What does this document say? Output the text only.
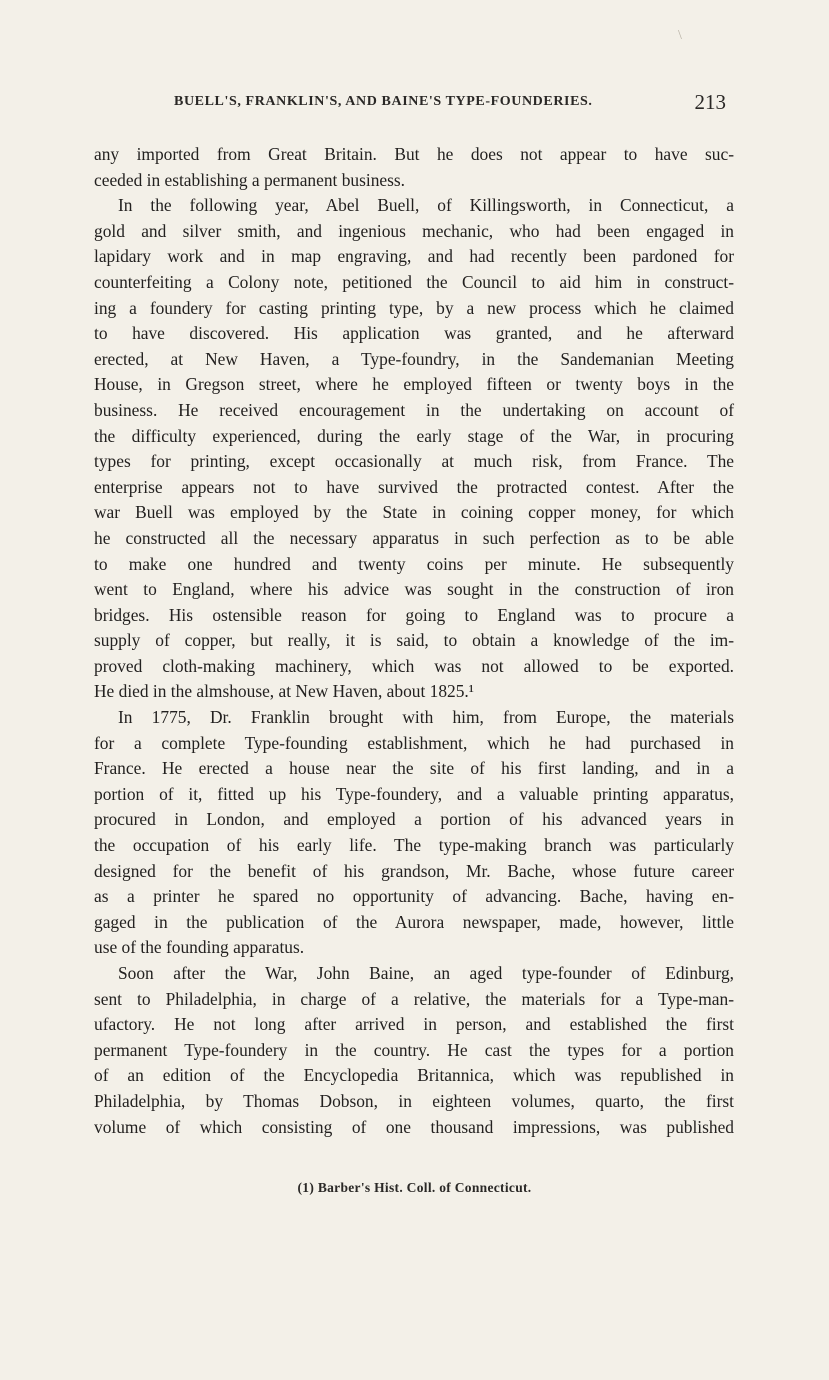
\
BUELL'S, FRANKLIN'S, AND BAINE'S TYPE-FOUNDERIES.	213
any imported from Great Britain. But he does not appear to have suc-
ceeded in establishing a permanent business.
In the following year, Abel Buell, of Killingsworth, in Connecticut, a
gold and silver smith, and ingenious mechanic, who had been engaged in
lapidary work and in map engraving, and had recently been pardoned for
counterfeiting a Colony note, petitioned the Council to aid him in construct-
ing a foundery for casting printing type, by a new process which he claimed
to have discovered. His application was granted, and he afterward
erected, at New Haven, a Type-foundry, in the Sandemanian Meeting
House, in Gregson street, where he employed fifteen or twenty boys in the
business. He received encouragement in the undertaking on account of
the difficulty experienced, during the early stage of the War, in procuring
types for printing, except occasionally at much risk, from France. The
enterprise appears not to have survived the protracted contest. After the
war Buell was employed by the State in coining copper money, for which
he constructed all the necessary apparatus in such perfection as to be able
to make one hundred and twenty coins per minute. He subsequently
went to England, where his advice was sought in the construction of iron
bridges. His ostensible reason for going to England was to procure a
supply of copper, but really, it is said, to obtain a knowledge of the im-
proved cloth-making machinery, which was not allowed to be exported.
He died in the almshouse, at New Haven, about 1825.¹
In 1775, Dr. Franklin brought with him, from Europe, the materials
for a complete Type-founding establishment, which he had purchased in
France. He erected a house near the site of his first landing, and in a
portion of it, fitted up his Type-foundery, and a valuable printing apparatus,
procured in London, and employed a portion of his advanced years in
the occupation of his early life. The type-making branch was particularly
designed for the benefit of his grandson, Mr. Bache, whose future career
as a printer he spared no opportunity of advancing. Bache, having en-
gaged in the publication of the Aurora newspaper, made, however, little
use of the founding apparatus.
Soon after the War, John Baine, an aged type-founder of Edinburg,
sent to Philadelphia, in charge of a relative, the materials for a Type-man-
ufactory. He not long after arrived in person, and established the first
permanent Type-foundery in the country. He cast the types for a portion
of an edition of the Encyclopedia Britannica, which was republished in
Philadelphia, by Thomas Dobson, in eighteen volumes, quarto, the first
volume of which consisting of one thousand impressions, was published
(1) Barber's Hist. Coll. of Connecticut.
